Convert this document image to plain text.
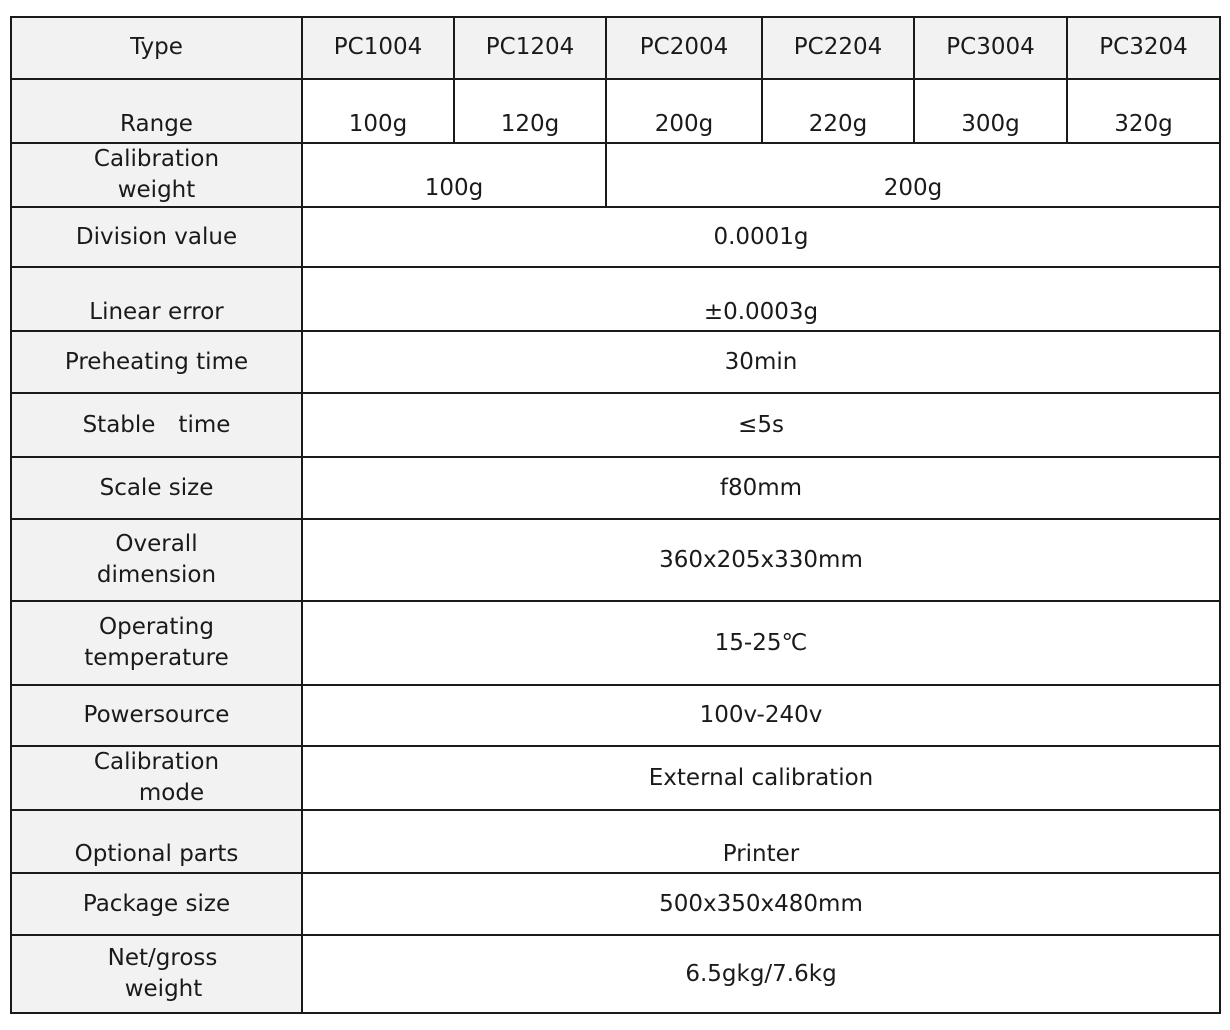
Type	PC1004	PC1204	PC2004	PC2204	PC3004	PC3204
Range	100g	120g	200g	220g	300g	320g

Calibration
weight	100g		200g			
Division value	0.0001g					
Linear error	±0.0003g					
Preheating time	30min					
Stable　time	≤5s					
Scale size	f80mm					

Overall
dimension	360x205x330mm					

Operating
temperature	15-25℃					
Powersource	100v-240v					

Calibration
mode	External calibration					
Optional parts	Printer					
Package size	500x350x480mm					

Net/gross
weight	6.5gkg/7.6kg					
